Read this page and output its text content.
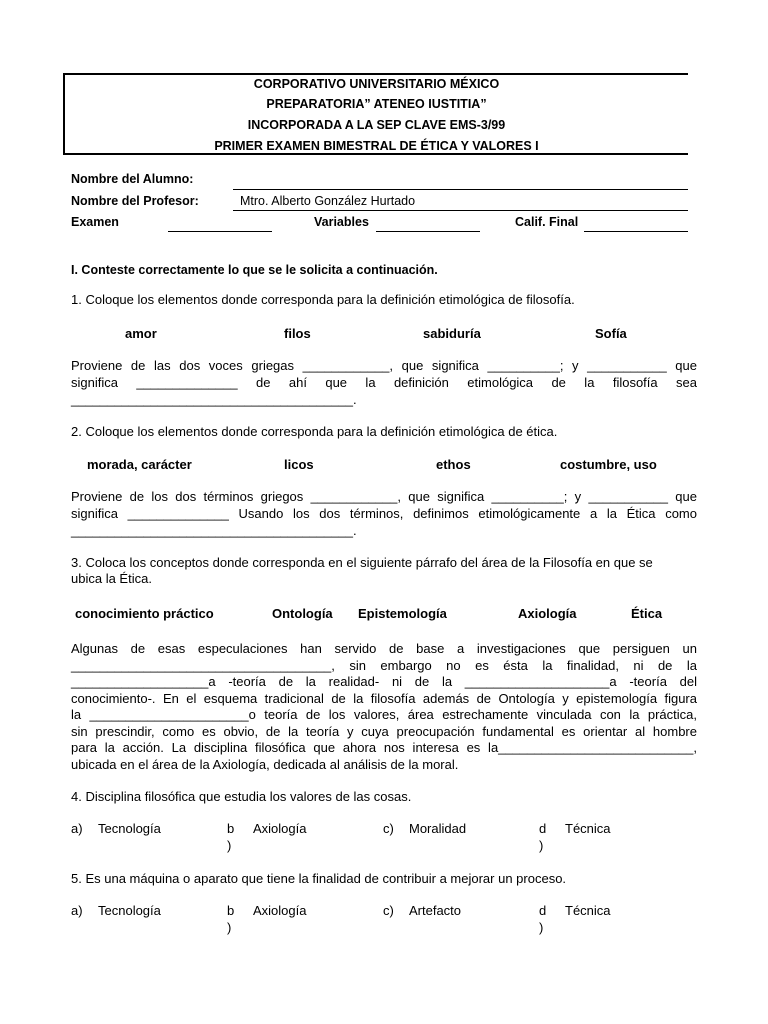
CORPORATIVO UNIVERSITARIO MÉXICO
PREPARATORIA” ATENEO IUSTITIA”
INCORPORADA A LA SEP CLAVE EMS-3/99
PRIMER EXAMEN BIMESTRAL DE ÉTICA Y VALORES I
Nombre del Alumno:
Nombre del Profesor:	Mtro. Alberto González Hurtado
Examen	Variables	Calif. Final
I. Conteste correctamente lo que se le solicita a continuación.
1. Coloque los elementos donde corresponda para la definición etimológica de filosofía.
amor	filos	sabiduría	Sofía
Proviene de las dos voces griegas ____________, que significa __________; y ___________ que
significa ______________ de ahí que la definición etimológica de la filosofía sea
_______________________________________.
2. Coloque los elementos donde corresponda para la definición etimológica de ética.
morada, carácter	licos	ethos	costumbre, uso
Proviene de los dos términos griegos ____________, que significa __________; y ___________ que
significa ______________ Usando los dos términos, definimos etimológicamente a la Ética como
_______________________________________.
3. Coloca los conceptos donde corresponda en el siguiente párrafo del área de la Filosofía en que se
ubica la Ética.
conocimiento práctico	Ontología Epistemología	Axiología	Ética
Algunas de esas especulaciones han servido de base a investigaciones que persiguen un
____________________________________, sin embargo no es ésta la finalidad, ni de la
___________________a -teoría de la realidad- ni de la ____________________a -teoría del
conocimiento-. En el esquema tradicional de la filosofía además de Ontología y epistemología figura
la ______________________o teoría de los valores, área estrechamente vinculada con la práctica,
sin prescindir, como es obvio, de la teoría y cuya preocupación fundamental es orientar al hombre
para la acción. La disciplina filosófica que ahora nos interesa es la___________________________,
ubicada en el área de la Axiología, dedicada al análisis de la moral.
4. Disciplina filosófica que estudia los valores de las cosas.
a) Tecnología	b
)
Axiología	c) Moralidad	d
)
Técnica
5. Es una máquina o aparato que tiene la finalidad de contribuir a mejorar un proceso.
a) Tecnología	b
)
Axiología	c) Artefacto	d
)
Técnica
